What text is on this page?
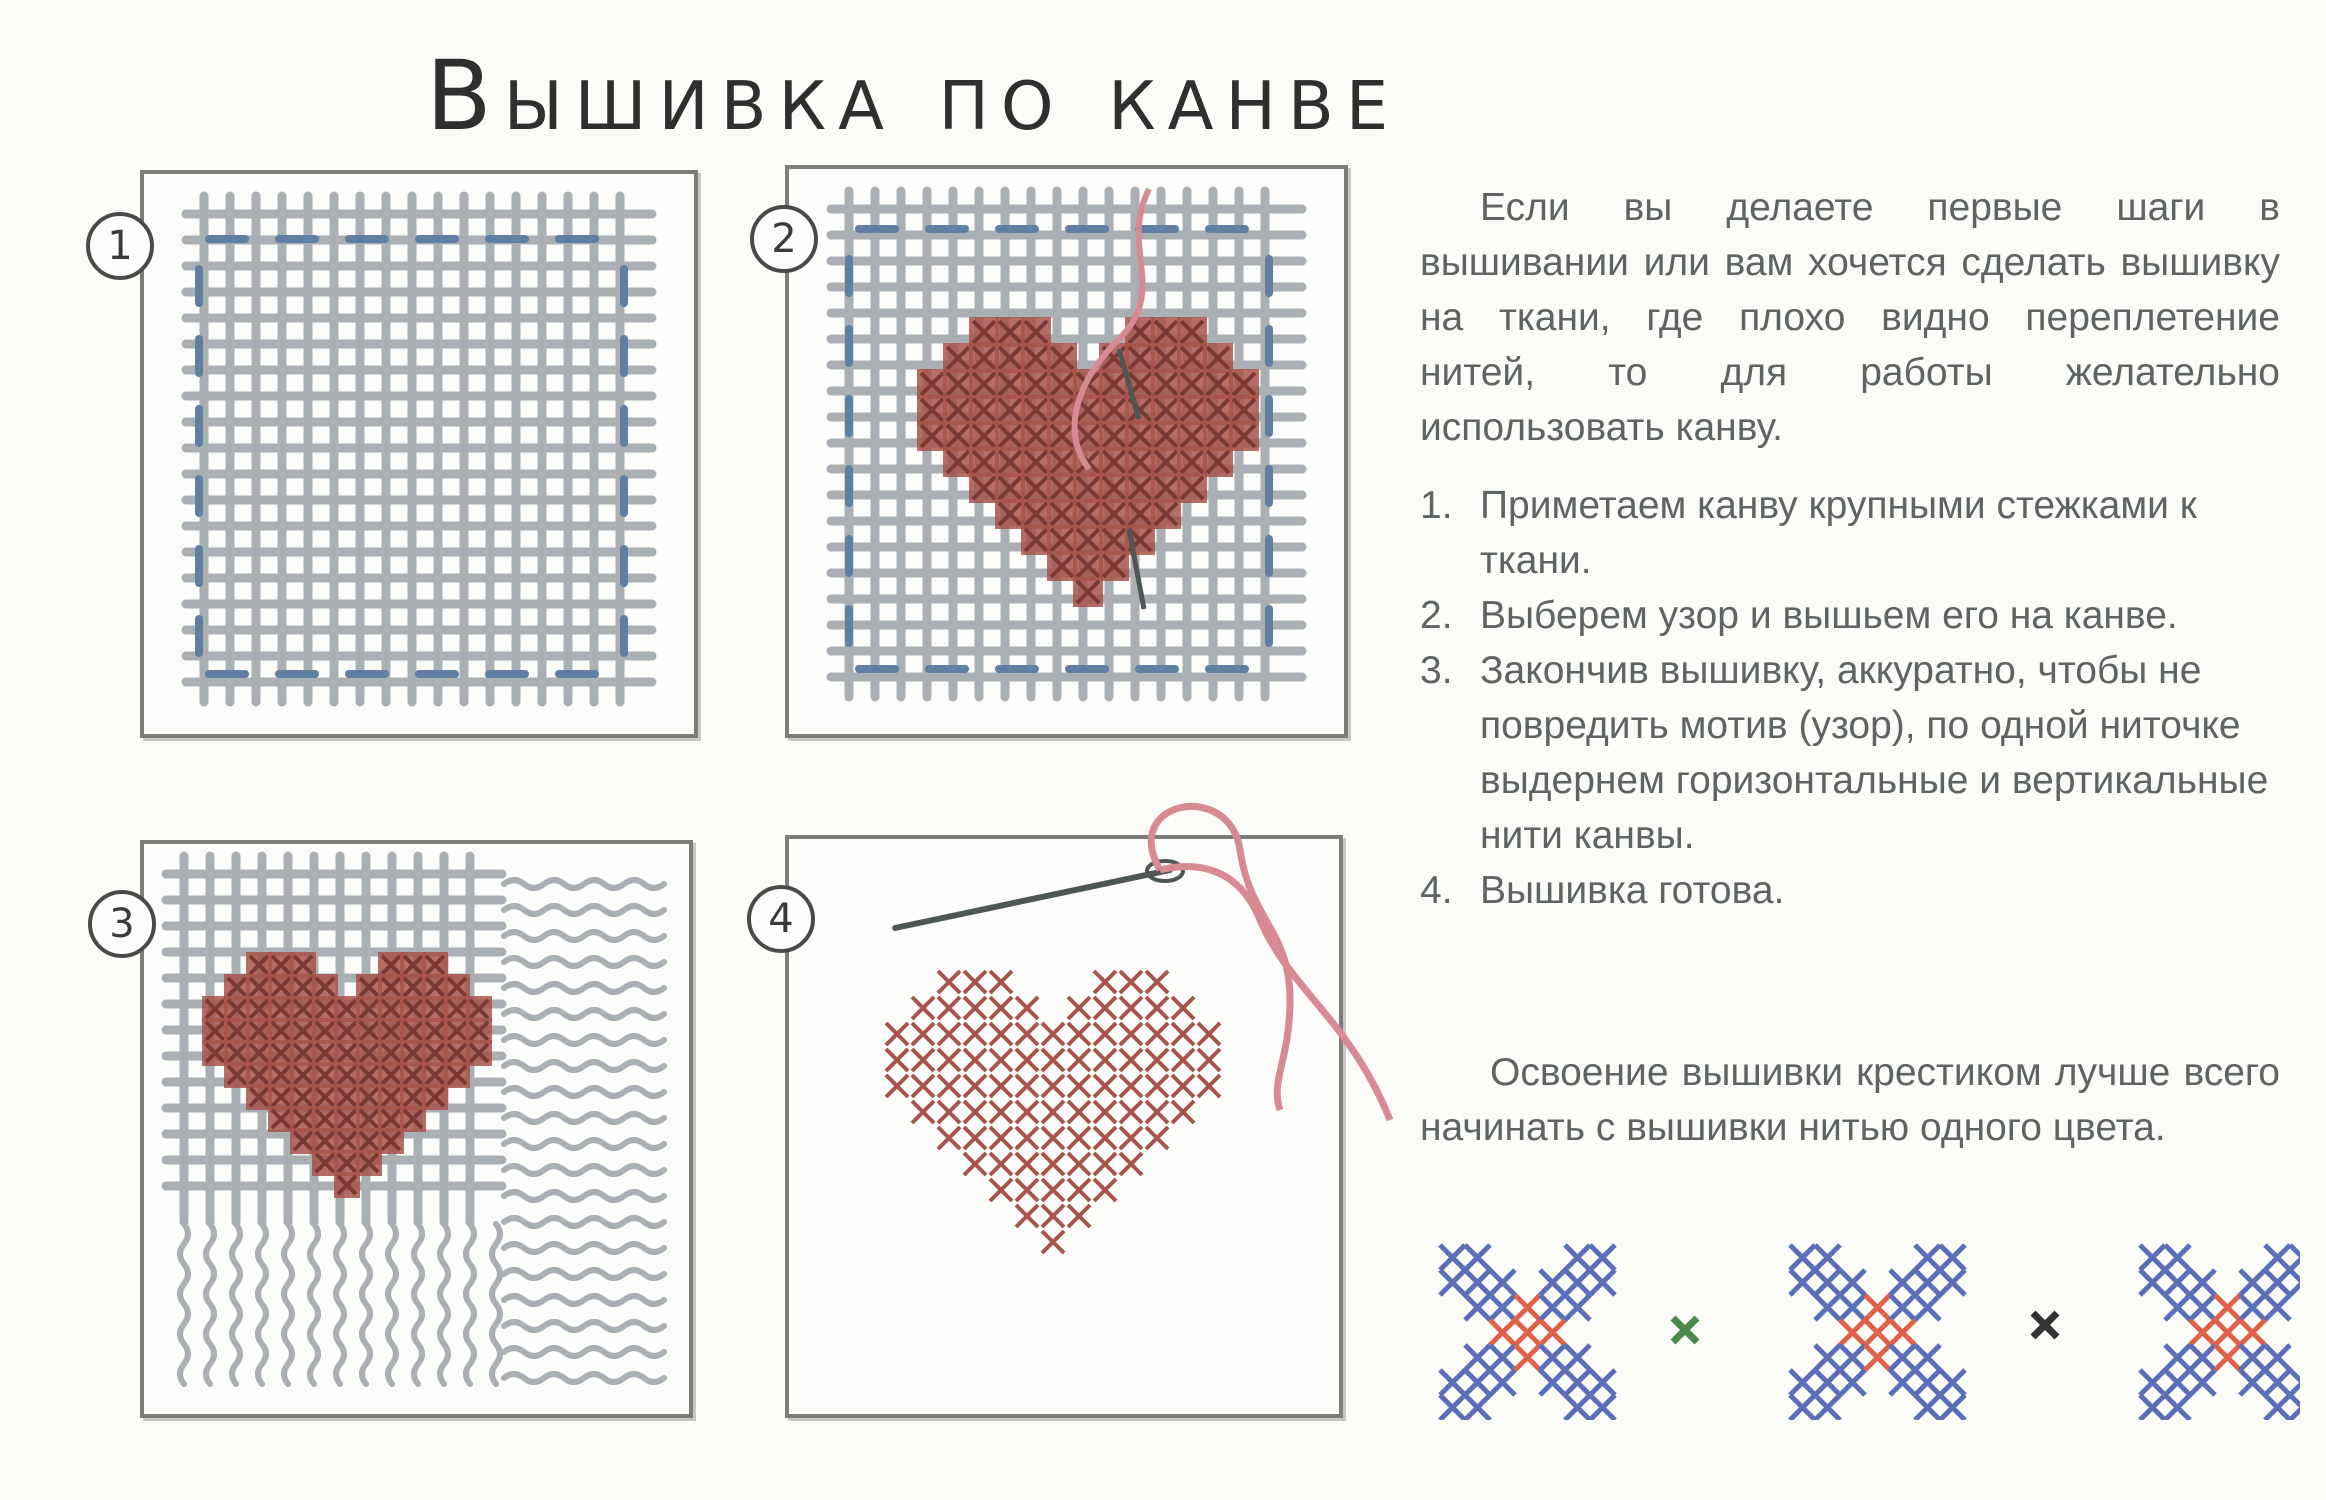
Вышивка по канве
1	2
3	4
Если вы делаете первые шаги в вышивании или вам хочется сделать вышивку на ткани, где плохо видно переплетение нитей, то для работы желательно использовать канву.
1. Приметаем канву крупными стежками к ткани.
2. Выберем узор и вышьем его на канве.
3. Закончив вышивку, аккуратно, чтобы не повредить мотив (узор), по одной ниточке выдернем горизонтальные и вертикальные нити канвы.
4. Вышивка готова.
Освоение вышивки крестиком лучше всего начинать с вышивки нитью одного цвета.
